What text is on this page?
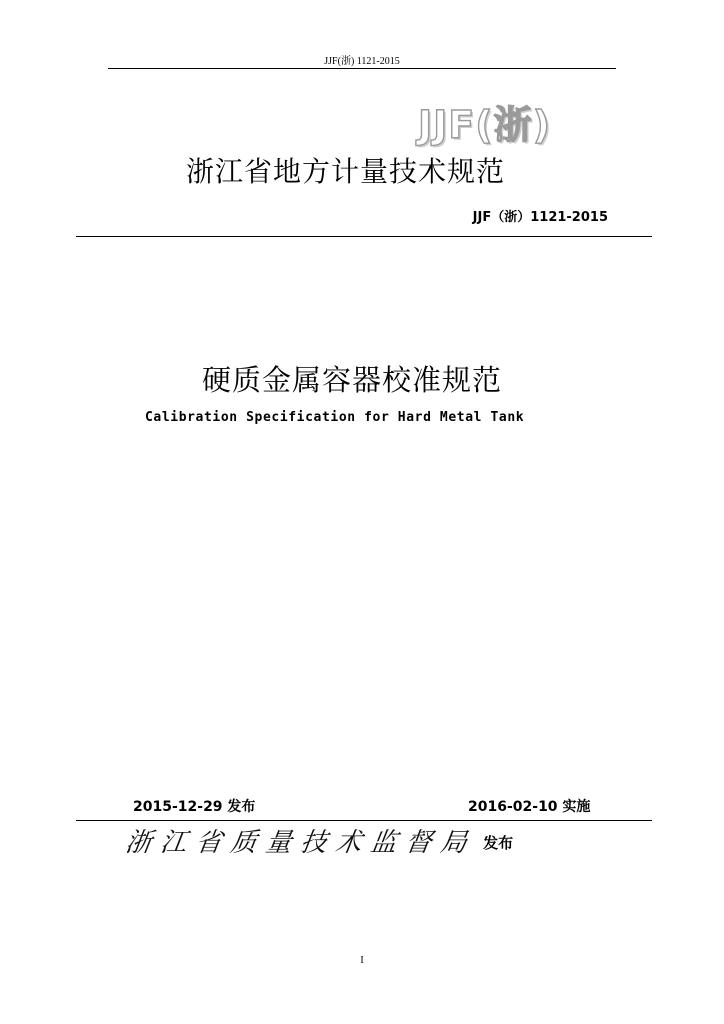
JJF(浙) 1121-2015
JJF(浙)
浙江省地方计量技术规范
JJF（浙）1121-2015
硬质金属容器校准规范
Calibration Specification for Hard Metal Tank
2015-12-29 发布	2016-02-10 实施
浙江省质量技术监督局 发布
I
